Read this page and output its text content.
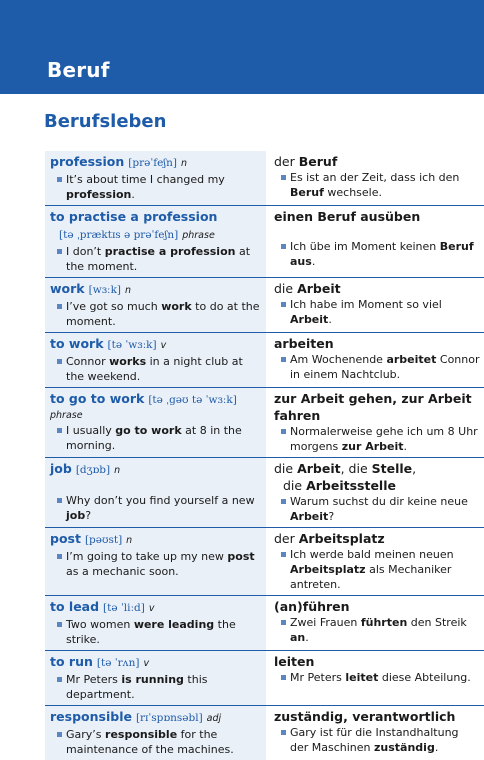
Beruf
Berufsleben
profession [prəˈfeʃn] n
It’s about time I changed my profession.
der Beruf
Es ist an der Zeit, dass ich den Beruf wechsele.
to practise a profession
[tə ˌpræktɪs ə prəˈfeʃn] phrase
I don’t practise a profession at the moment.
einen Beruf ausüben
Ich übe im Moment keinen Beruf aus.
work [wɜːk] n
I’ve got so much work to do at the moment.
die Arbeit
Ich habe im Moment so viel Arbeit.
to work [tə ˈwɜːk] v
Connor works in a night club at the weekend.
arbeiten
Am Wochenende arbeitet Connor in einem Nachtclub.
to go to work [tə ˌgəʊ tə ˈwɜːk]
phrase
I usually go to work at 8 in the morning.
zur Arbeit gehen, zur Arbeit fahren
Normalerweise gehe ich um 8 Uhr morgens zur Arbeit.
job [dʒɒb] n
Why don’t you find yourself a new job?
die Arbeit, die Stelle,
die Arbeitsstelle
Warum suchst du dir keine neue Arbeit?
post [pəʊst] n
I’m going to take up my new post as a mechanic soon.
der Arbeitsplatz
Ich werde bald meinen neuen Arbeitsplatz als Mechaniker antreten.
to lead [tə ˈliːd] v
Two women were leading the strike.
(an)führen
Zwei Frauen führten den Streik an.
to run [tə ˈrʌn] v
Mr Peters is running this department.
leiten
Mr Peters leitet diese Abteilung.
responsible [rɪˈspɒnsəbl] adj
Gary’s responsible for the maintenance of the machines.
zuständig, verantwortlich
Gary ist für die Instandhaltung der Maschinen zuständig.
